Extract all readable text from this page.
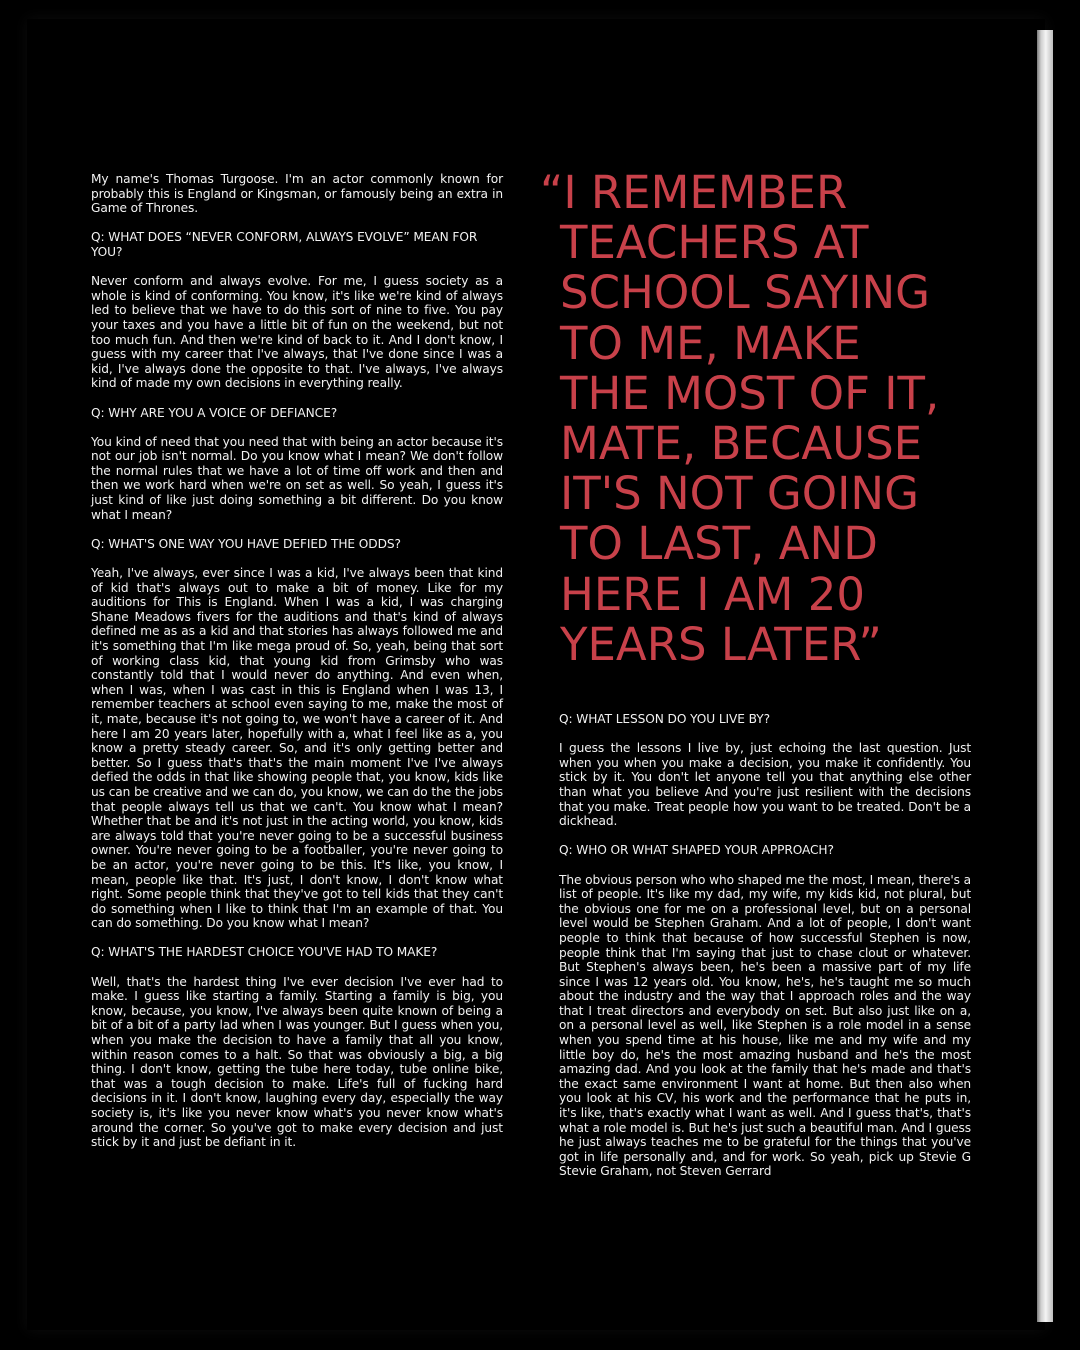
My name's Thomas Turgoose. I'm an actor commonly known for probably this is England or Kingsman, or famously being an extra in Game of Thrones.

Q: WHAT DOES “NEVER CONFORM, ALWAYS EVOLVE” MEAN FOR YOU?

Never conform and always evolve. For me, I guess society as a whole is kind of conforming. You know, it's like we're kind of always led to believe that we have to do this sort of nine to five. You pay your taxes and you have a little bit of fun on the weekend, but not too much fun. And then we're kind of back to it. And I don't know, I guess with my career that I've always, that I've done since I was a kid, I've always done the opposite to that. I've always, I've always kind of made my own decisions in everything really.

Q: WHY ARE YOU A VOICE OF DEFIANCE?

You kind of need that you need that with being an actor because it's not our job isn't normal. Do you know what I mean? We don't follow the normal rules that we have a lot of time off work and then and then we work hard when we're on set as well. So yeah, I guess it's just kind of like just doing something a bit different. Do you know what I mean?

Q: WHAT'S ONE WAY YOU HAVE DEFIED THE ODDS?

Yeah, I've always, ever since I was a kid, I've always been that kind of kid that's always out to make a bit of money. Like for my auditions for This is England. When I was a kid, I was charging Shane Meadows fivers for the auditions and that's kind of always defined me as as a kid and that stories has always followed me and it's something that I'm like mega proud of. So, yeah, being that sort of working class kid, that young kid from Grimsby who was constantly told that I would never do anything. And even when, when I was, when I was cast in this is England when I was 13, I remember teachers at school even saying to me, make the most of it, mate, because it's not going to, we won't have a career of it. And here I am 20 years later, hopefully with a, what I feel like as a, you know a pretty steady career. So, and it's only getting better and better. So I guess that's that's the main moment I've I've always defied the odds in that like showing people that, you know, kids like us can be creative and we can do, you know, we can do the the jobs that people always tell us that we can't. You know what I mean? Whether that be and it's not just in the acting world, you know, kids are always told that you're never going to be a successful business owner. You're never going to be a footballer, you're never going to be an actor, you're never going to be this. It's like, you know, I mean, people like that. It's just, I don't know, I don't know what right. Some people think that they've got to tell kids that they can't do something when I like to think that I'm an example of that. You can do something. Do you know what I mean?

Q: WHAT'S THE HARDEST CHOICE YOU'VE HAD TO MAKE?

Well, that's the hardest thing I've ever decision I've ever had to make. I guess like starting a family. Starting a family is big, you know, because, you know, I've always been quite known of being a bit of a bit of a party lad when I was younger. But I guess when you, when you make the decision to have a family that all you know, within reason comes to a halt. So that was obviously a big, a big thing. I don't know, getting the tube here today, tube online bike, that was a tough decision to make. Life's full of fucking hard decisions in it. I don't know, laughing every day, especially the way society is, it's like you never know what's you never know what's around the corner. So you've got to make every decision and just stick by it and just be defiant in it.

“I REMEMBER
TEACHERS AT
SCHOOL SAYING
TO ME, MAKE
THE MOST OF IT,
MATE, BECAUSE
IT'S NOT GOING
TO LAST, AND
HERE I AM 20
YEARS LATER”

Q: WHAT LESSON DO YOU LIVE BY?

I guess the lessons I live by, just echoing the last question. Just when you when you make a decision, you make it confidently. You stick by it. You don't let anyone tell you that anything else other than what you believe And you're just resilient with the decisions that you make. Treat people how you want to be treated. Don't be a dickhead.

Q: WHO OR WHAT SHAPED YOUR APPROACH?

The obvious person who who shaped me the most, I mean, there's a list of people. It's like my dad, my wife, my kids kid, not plural, but the obvious one for me on a professional level, but on a personal level would be Stephen Graham. And a lot of people, I don't want people to think that because of how successful Stephen is now, people think that I'm saying that just to chase clout or whatever. But Stephen's always been, he's been a massive part of my life since I was 12 years old. You know, he's, he's taught me so much about the industry and the way that I approach roles and the way that I treat directors and everybody on set. But also just like on a, on a personal level as well, like Stephen is a role model in a sense when you spend time at his house, like me and my wife and my little boy do, he's the most amazing husband and he's the most amazing dad. And you look at the family that he's made and that's the exact same environment I want at home. But then also when you look at his CV, his work and the performance that he puts in, it's like, that's exactly what I want as well. And I guess that's, that's what a role model is. But he's just such a beautiful man. And I guess he just always teaches me to be grateful for the things that you've got in life personally and, and for work. So yeah, pick up Stevie G Stevie Graham, not Steven Gerrard
